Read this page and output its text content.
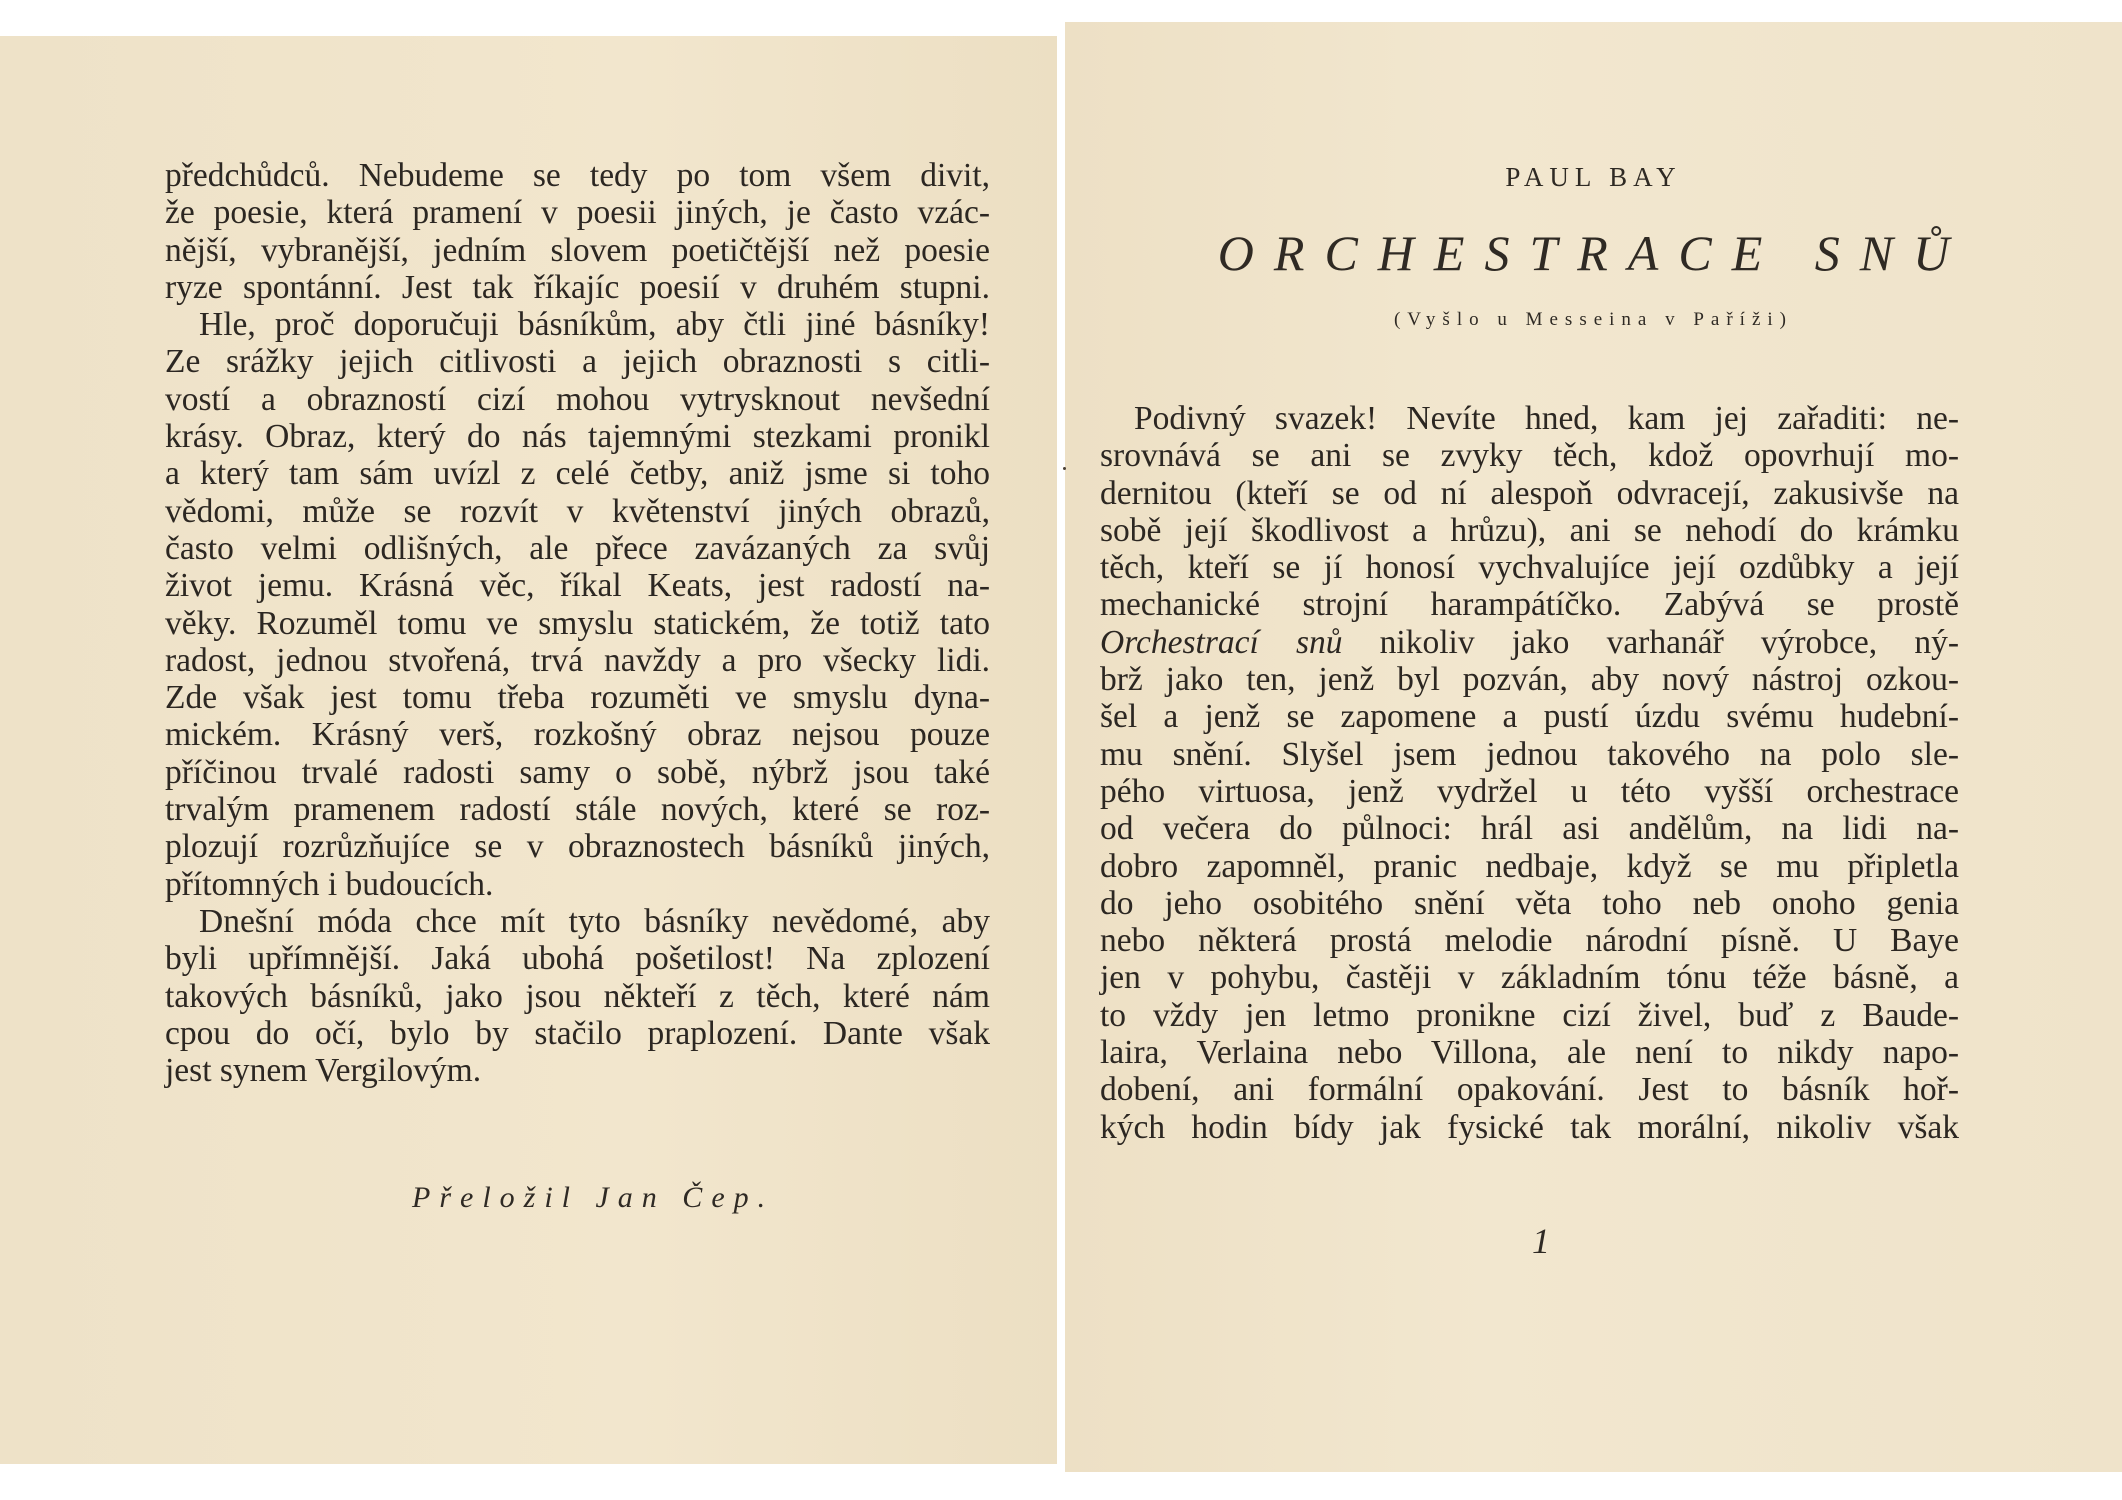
předchůdců. Nebudeme se tedy po tom všem divit,
že poesie, která pramení v poesii jiných, je často vzác-
nější, vybranější, jedním slovem poetičtější než poesie
ryze spontánní. Jest tak říkajíc poesií v druhém stupni.
Hle, proč doporučuji básníkům, aby čtli jiné básníky!
Ze srážky jejich citlivosti a jejich obraznosti s citli-
vostí a obrazností cizí mohou vytrysknout nevšední
krásy. Obraz, který do nás tajemnými stezkami pronikl
a který tam sám uvízl z celé četby, aniž jsme si toho
vědomi, může se rozvít v květenství jiných obrazů,
často velmi odlišných, ale přece zavázaných za svůj
život jemu. Krásná věc, říkal Keats, jest radostí na-
věky. Rozuměl tomu ve smyslu statickém, že totiž tato
radost, jednou stvořená, trvá navždy a pro všecky lidi.
Zde však jest tomu třeba rozuměti ve smyslu dyna-
mickém. Krásný verš, rozkošný obraz nejsou pouze
příčinou trvalé radosti samy o sobě, nýbrž jsou také
trvalým pramenem radostí stále nových, které se roz-
plozují rozrůzňujíce se v obraznostech básníků jiných,
přítomných i budoucích.
Dnešní móda chce mít tyto básníky nevědomé, aby
byli upřímnější. Jaká ubohá pošetilost! Na zplození
takových básníků, jako jsou někteří z těch, které nám
cpou do očí, bylo by stačilo praplození. Dante však
jest synem Vergilovým.
Přeložil Jan Čep.
PAUL BAY
ORCHESTRACE SNŮ
(Vyšlo u Messeina v Paříži)
Podivný svazek! Nevíte hned, kam jej zařaditi: ne-
srovnává se ani se zvyky těch, kdož opovrhují mo-
dernitou (kteří se od ní alespoň odvracejí, zakusivše na
sobě její škodlivost a hrůzu), ani se nehodí do krámku
těch, kteří se jí honosí vychvalujíce její ozdůbky a její
mechanické strojní harampátíčko. Zabývá se prostě
Orchestrací snů nikoliv jako varhanář výrobce, ný-
brž jako ten, jenž byl pozván, aby nový nástroj ozkou-
šel a jenž se zapomene a pustí úzdu svému hudební-
mu snění. Slyšel jsem jednou takového na polo sle-
pého virtuosa, jenž vydržel u této vyšší orchestrace
od večera do půlnoci: hrál asi andělům, na lidi na-
dobro zapomněl, pranic nedbaje, když se mu připletla
do jeho osobitého snění věta toho neb onoho genia
nebo některá prostá melodie národní písně. U Baye
jen v pohybu, častěji v základním tónu téže básně, a
to vždy jen letmo pronikne cizí živel, buď z Baude-
laira, Verlaina nebo Villona, ale není to nikdy napo-
dobení, ani formální opakování. Jest to básník hoř-
kých hodin bídy jak fysické tak morální, nikoliv však
1
